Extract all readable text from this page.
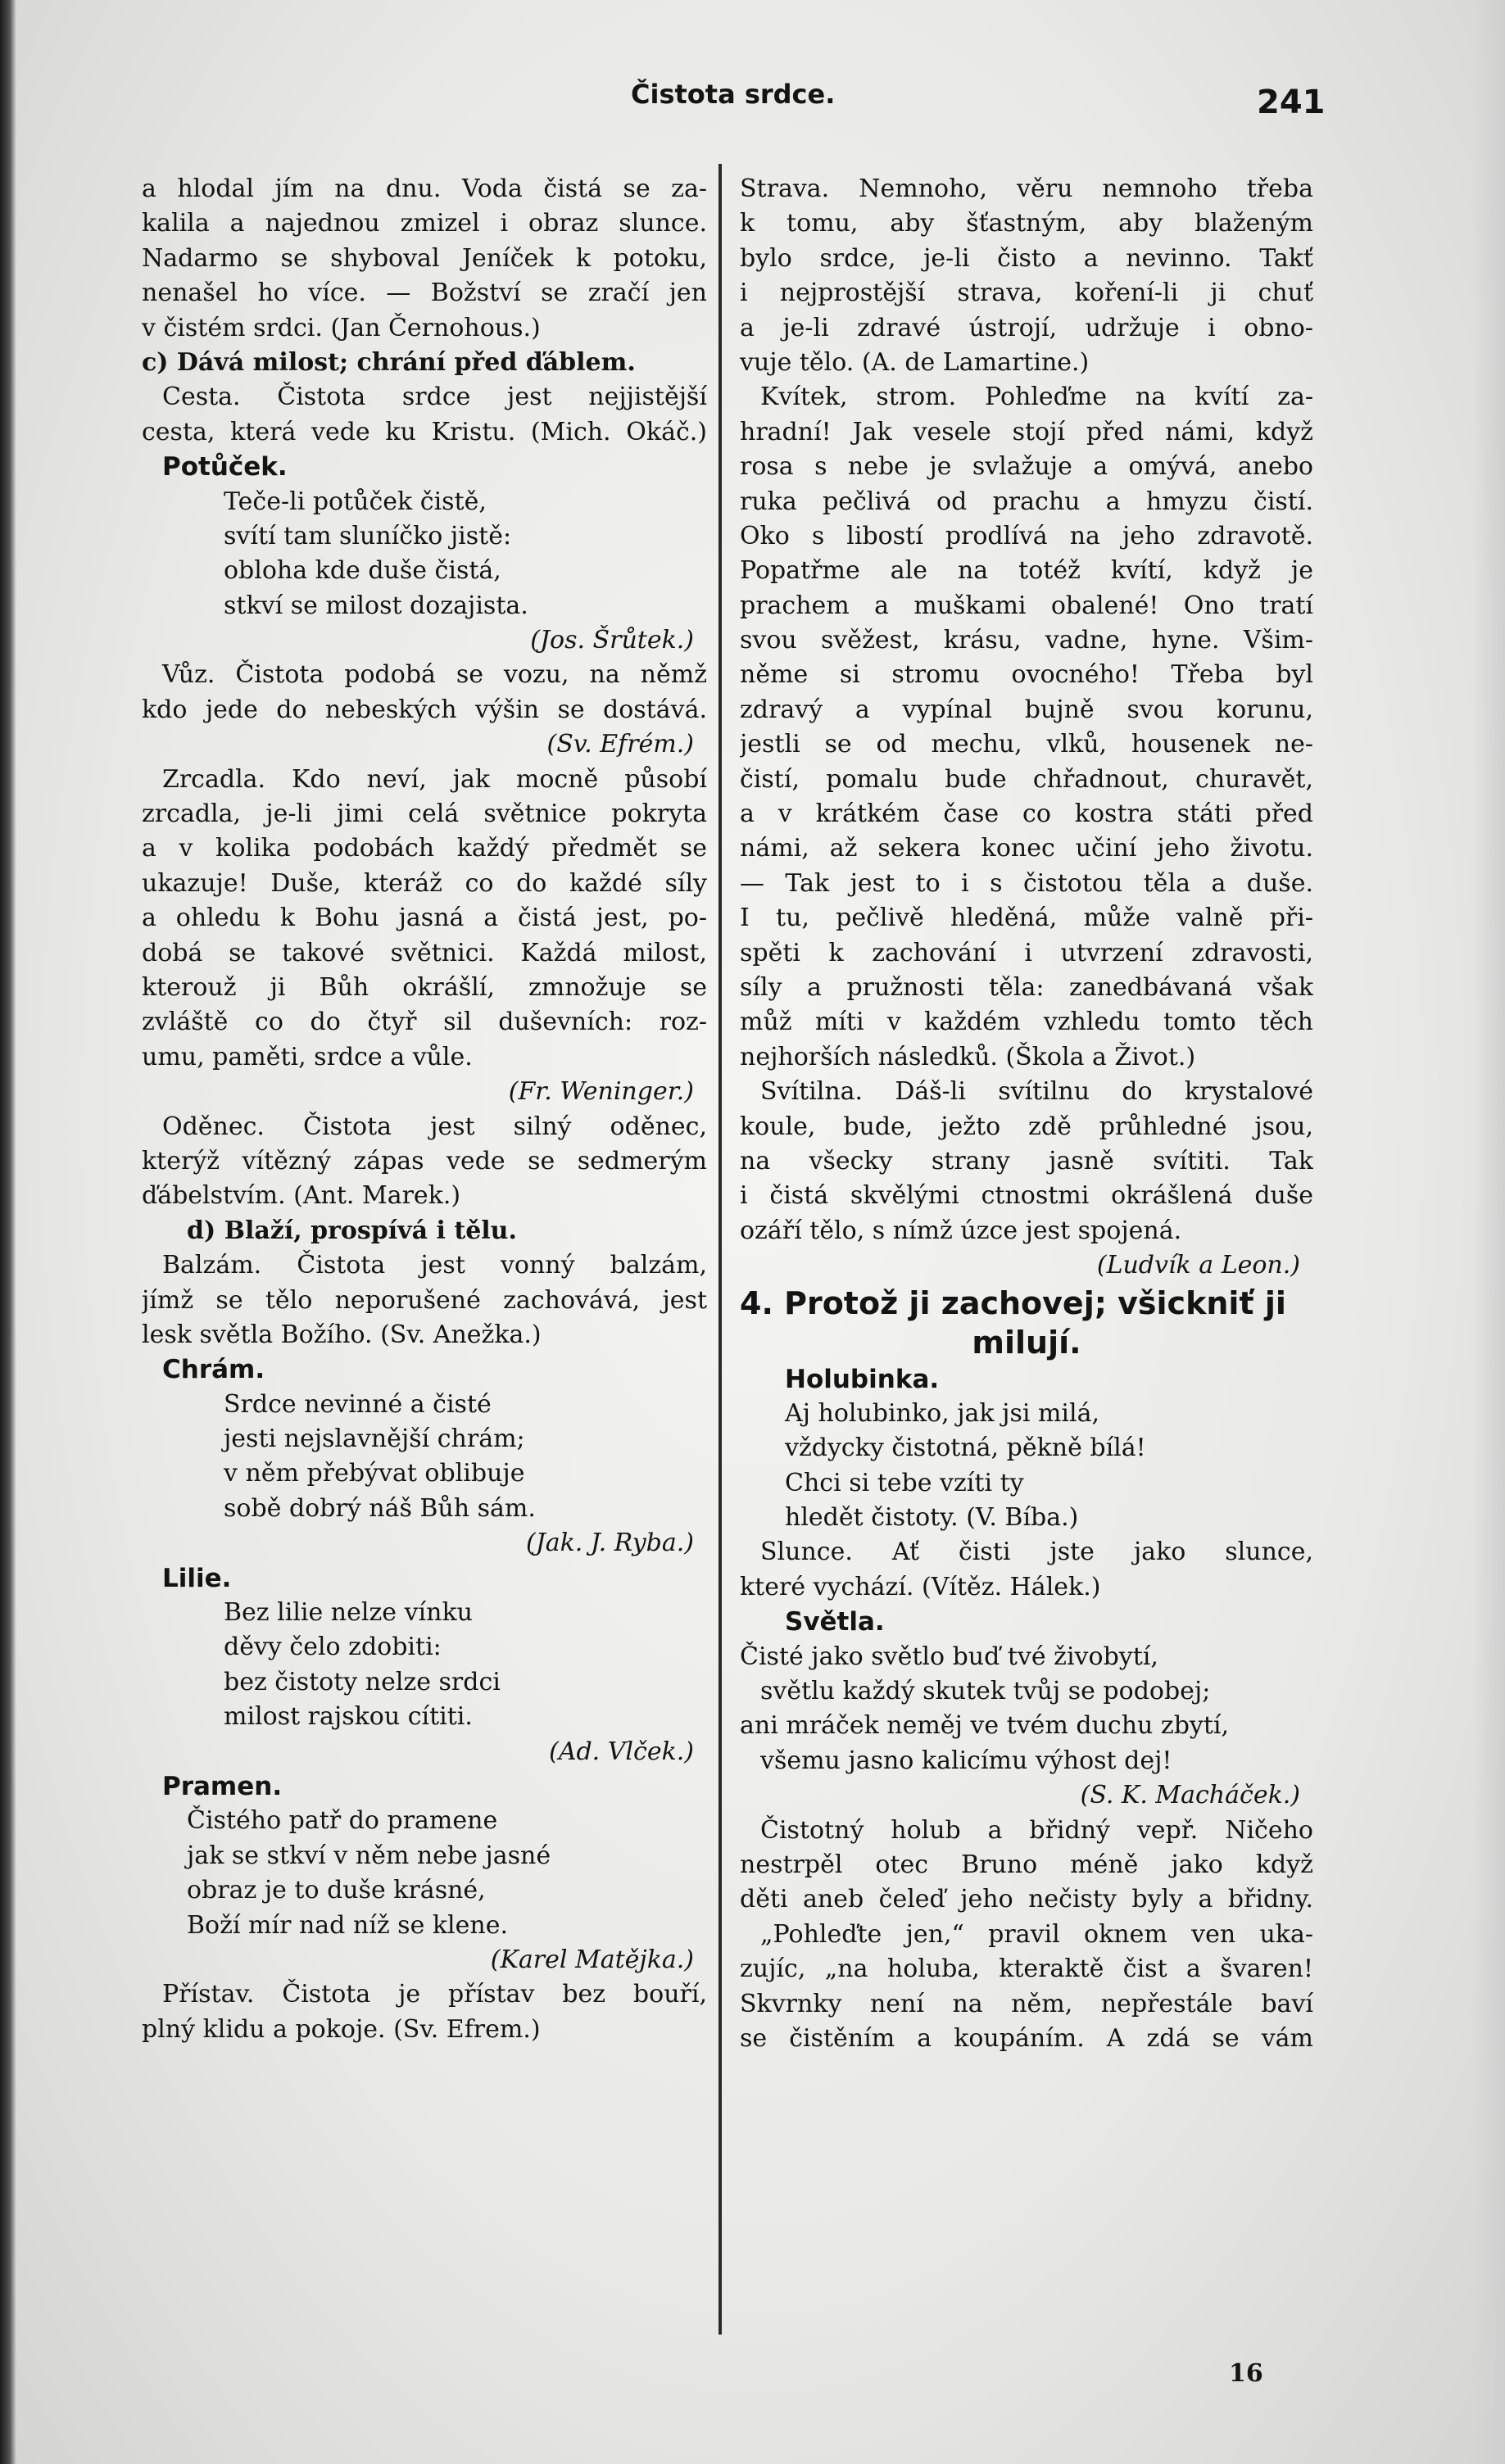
Čistota srdce.	241
a hlodal jím na dnu. Voda čistá se za-
kalila a najednou zmizel i obraz slunce.
Nadarmo se shyboval Jeníček k potoku,
nenašel ho více. — Božství se zračí jen
v čistém srdci. (Jan Černohous.)
c) Dává milost; chrání před ďáblem.
Cesta. Čistota srdce jest nejjistější
cesta, která vede ku Kristu. (Mich. Okáč.)
Potůček.
Teče-li potůček čistě,
svítí tam sluníčko jistě:
obloha kde duše čistá,
stkví se milost dozajista.
(Jos. Šrůtek.)
Vůz. Čistota podobá se vozu, na němž
kdo jede do nebeských výšin se dostává.
(Sv. Efrém.)
Zrcadla. Kdo neví, jak mocně působí
zrcadla, je-li jimi celá světnice pokryta
a v kolika podobách každý předmět se
ukazuje! Duše, kteráž co do každé síly
a ohledu k Bohu jasná a čistá jest, po-
dobá se takové světnici. Každá milost,
kterouž ji Bůh okrášlí, zmnožuje se
zvláště co do čtyř sil duševních: roz-
umu, paměti, srdce a vůle.
(Fr. Weninger.)
Oděnec. Čistota jest silný oděnec,
kterýž vítězný zápas vede se sedmerým
ďábelstvím. (Ant. Marek.)
d) Blaží, prospívá i tělu.
Balzám. Čistota jest vonný balzám,
jímž se tělo neporušené zachovává, jest
lesk světla Božího. (Sv. Anežka.)
Chrám.
Srdce nevinné a čisté
jesti nejslavnější chrám;
v něm přebývat oblibuje
sobě dobrý náš Bůh sám.
(Jak. J. Ryba.)
Lilie.
Bez lilie nelze vínku
děvy čelo zdobiti:
bez čistoty nelze srdci
milost rajskou cítiti.
(Ad. Vlček.)
Pramen.
Čistého patř do pramene
jak se stkví v něm nebe jasné
obraz je to duše krásné,
Boží mír nad níž se klene.
(Karel Matějka.)
Přístav. Čistota je přístav bez bouří,
plný klidu a pokoje. (Sv. Efrem.)
Strava. Nemnoho, věru nemnoho třeba
k tomu, aby šťastným, aby blaženým
bylo srdce, je-li čisto a nevinno. Takť
i nejprostější strava, koření-li ji chuť
a je-li zdravé ústrojí, udržuje i obno-
vuje tělo. (A. de Lamartine.)
Kvítek, strom. Pohleďme na kvítí za-
hradní! Jak vesele stojí před námi, když
rosa s nebe je svlažuje a omývá, anebo
ruka pečlivá od prachu a hmyzu čistí.
Oko s libostí prodlívá na jeho zdravotě.
Popatřme ale na totéž kvítí, když je
prachem a muškami obalené! Ono tratí
svou svěžest, krásu, vadne, hyne. Všim-
něme si stromu ovocného! Třeba byl
zdravý a vypínal bujně svou korunu,
jestli se od mechu, vlků, housenek ne-
čistí, pomalu bude chřadnout, churavět,
a v krátkém čase co kostra státi před
námi, až sekera konec učiní jeho životu.
— Tak jest to i s čistotou těla a duše.
I tu, pečlivě hleděná, může valně při-
spěti k zachování i utvrzení zdravosti,
síly a pružnosti těla: zanedbávaná však
můž míti v každém vzhledu tomto těch
nejhorších následků. (Škola a Život.)
Svítilna. Dáš-li svítilnu do krystalové
koule, bude, ježto zdě průhledné jsou,
na všecky strany jasně svítiti. Tak
i čistá skvělými ctnostmi okrášlená duše
ozáří tělo, s nímž úzce jest spojená.
(Ludvík a Leon.)
4. Protož ji zachovej; všickniť ji
milují.
Holubinka.
Aj holubinko, jak jsi milá,
vždycky čistotná, pěkně bílá!
Chci si tebe vzíti ty
hledět čistoty. (V. Bíba.)
Slunce. Ať čisti jste jako slunce,
které vychází. (Vítěz. Hálek.)
Světla.
Čisté jako světlo buď tvé živobytí,
světlu každý skutek tvůj se podobej;
ani mráček neměj ve tvém duchu zbytí,
všemu jasno kalicímu výhost dej!
(S. K. Macháček.)
Čistotný holub a břidný vepř. Ničeho
nestrpěl otec Bruno méně jako když
děti aneb čeleď jeho nečisty byly a břidny.
„Pohleďte jen,“ pravil oknem ven uka-
zujíc, „na holuba, kteraktě čist a švaren!
Skvrnky není na něm, nepřestále baví
se čistěním a koupáním. A zdá se vám
16
